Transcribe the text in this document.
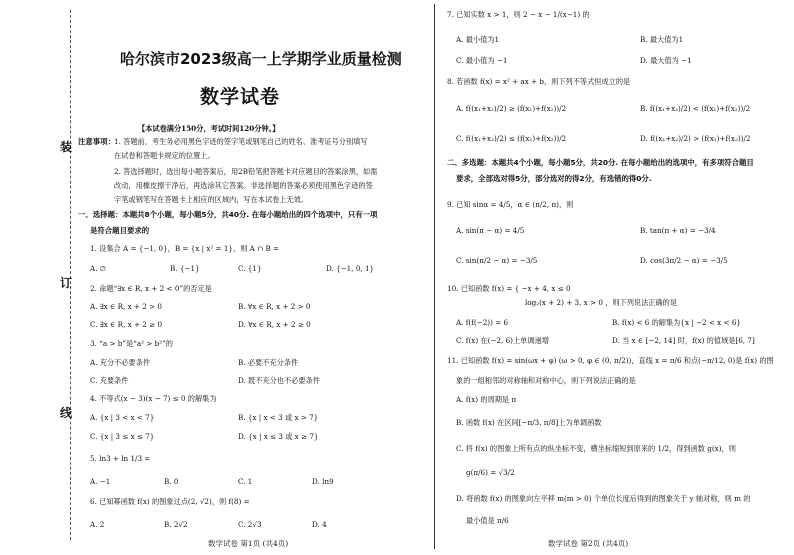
装
订
线
哈尔滨市2023级高一上学期学业质量检测
数学试卷
【本试卷满分150分，考试时间120分钟。】
注意事项： 1. 答题前，考生务必用黑色字迹的签字笔或钢笔自己的姓名、准考证号分别填写
在试卷和答题卡规定的位置上。
2. 答选择题时，选出每小题答案后，用2B铅笔把答题卡对应题目的答案涂黑，如需
改动，用橡皮擦干净后，再选涂其它答案。非选择题的答案必须使用黑色字迹的签
字笔或钢笔写在答题卡上相应的区域内，写在本试卷上无效。
一、选择题：本题共8个小题，每小题5分，共40分. 在每小题给出的四个选项中，只有一项
是符合题目要求的
1. 设集合 A = {−1, 0}，B = {x | x² = 1}，则 A ∩ B =
A. ∅	B. {−1}	C. {1}	D. {−1, 0, 1}
2. 命题“∃x ∈ R, x + 2 < 0”的否定是
A. ∃x ∈ R, x + 2 > 0	B. ∀x ∈ R, x + 2 > 0
C. ∃x ∈ R, x + 2 ≥ 0	D. ∀x ∈ R, x + 2 ≥ 0
3. “a > b”是“a² > b²”的
A. 充分不必要条件	B. 必要不充分条件
C. 充要条件	D. 既不充分也不必要条件
4. 不等式(x − 3)(x − 7) ≤ 0 的解集为
A. {x | 3 < x < 7}	B. {x | x < 3 或 x > 7}
C. {x | 3 ≤ x ≤ 7}	D. {x | x ≤ 3 或 x ≥ 7}
5. ln3 + ln 1/3 =
A. −1	B. 0	C. 1	D. ln9
6. 已知幂函数 f(x) 的图象过点(2, √2)，则 f(8) =
A. 2	B. 2√2	C. 2√3	D. 4
数学试卷 第1页 (共4页)
7. 已知实数 x > 1，则 2 − x − 1/(x−1) 的
A. 最小值为1	B. 最大值为1
C. 最小值为 −1	D. 最大值为 −1
8. 若函数 f(x) = x² + ax + b，则下列不等式恒成立的是
A. f((x₁+x₂)/2) ≥ (f(x₁)+f(x₂))/2	B. f((x₁+x₂)/2) < (f(x₁)+f(x₂))/2
C. f((x₁+x₂)/2) ≤ (f(x₁)+f(x₂))/2	D. f((x₁+x₂)/2) > (f(x₁)+f(x₂))/2
二、多选题：本题共4个小题，每小题5分，共20分. 在每小题给出的选项中，有多项符合题目
要求，全部选对得5分，部分选对的得2分，有选错的得0分.
9. 已知 sinα = 4/5，α ∈ (π/2, π)，则
A. sin(π − α) = 4/5	B. tan(π + α) = −3/4
C. sin(π/2 − α) = −3/5	D. cos(3π/2 − α) = −3/5
10. 已知函数 f(x) = { −x + 4, x ≤ 0
log₂(x + 2) + 3, x > 0 ，则下列说法正确的是
A. f(f(−2)) = 6	B. f(x) < 6 的解集为{x | −2 < x < 6}
C. f(x) 在(−2, 6)上单调递增	D. 当 x ∈ [−2, 14] 时，f(x) 的值域是[6, 7]
11. 已知函数 f(x) = sin(ωx + φ) (ω > 0, φ ∈ (0, π/2))，直线 x = π/6 和点(−π/12, 0)是 f(x) 的图
象的一组相邻的对称轴和对称中心，则下列说法正确的是
A. f(x) 的周期是 π
B. 函数 f(x) 在区间[−π/3, π/8]上为单调函数
C. 将 f(x) 的图象上所有点的纵坐标不变，横坐标缩短到原来的 1/2，得到函数 g(x)，则
g(π/6) = √3/2
D. 将函数 f(x) 的图象向左平移 m(m > 0) 个单位长度后得到的图象关于 y 轴对称，则 m 的
最小值是 π/6
数学试卷 第2页 (共4页)
